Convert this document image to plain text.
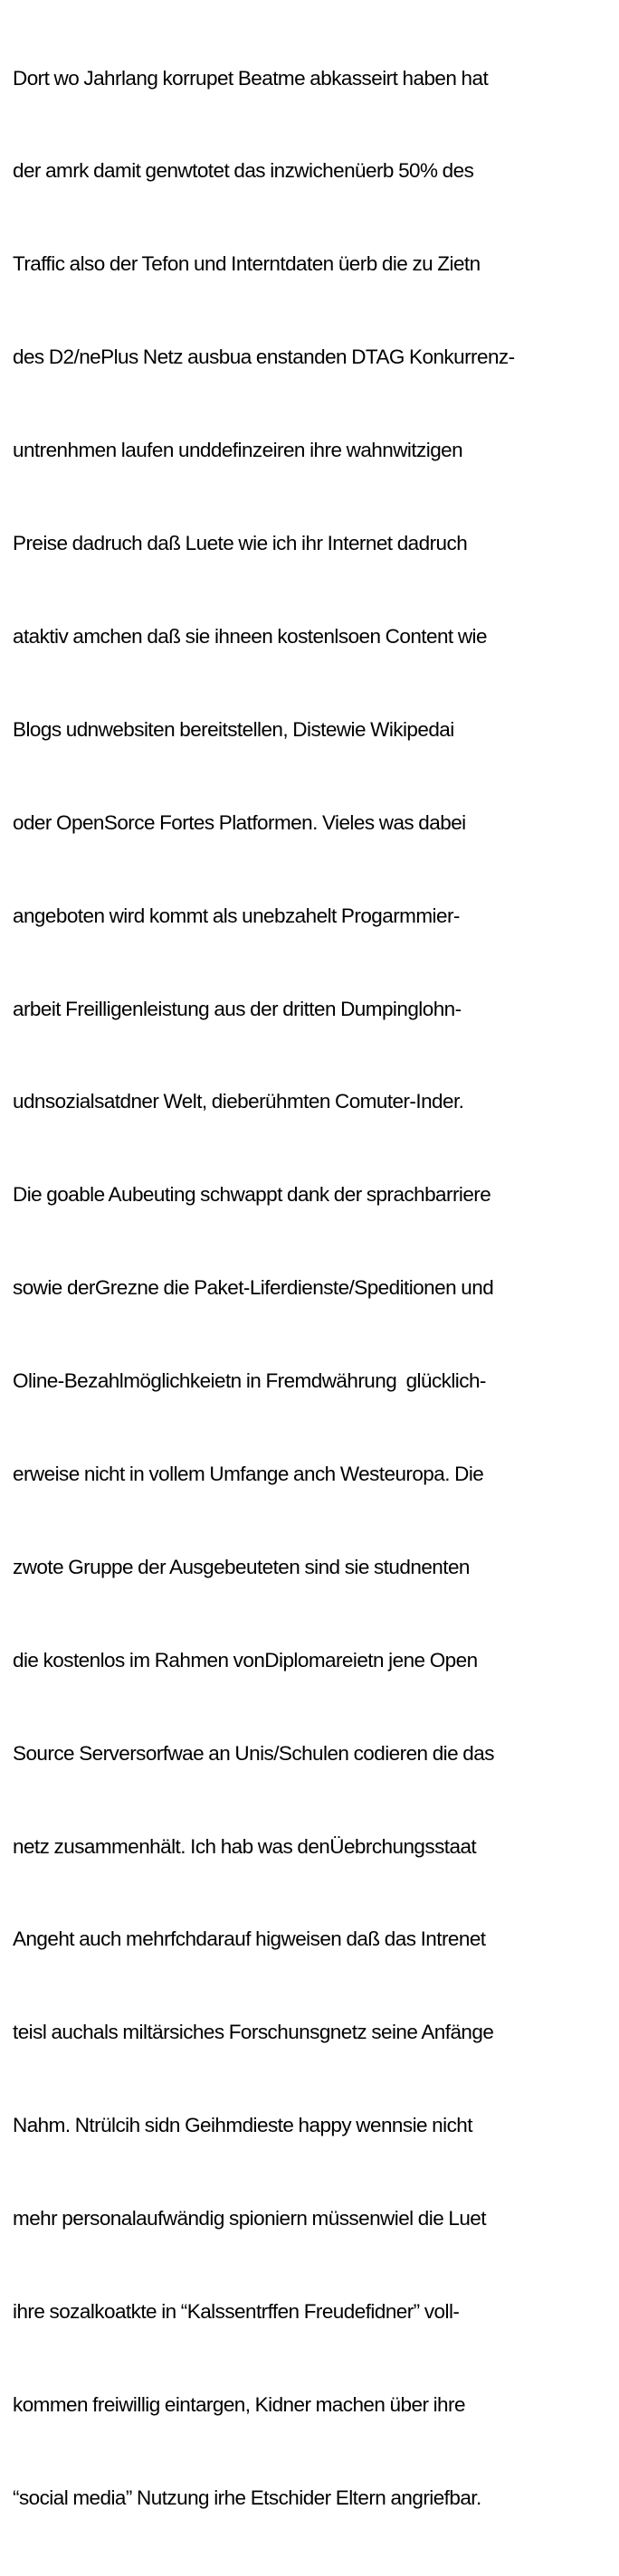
Dort wo Jahrlang korrupet Beatme abkasseirt haben hat

der amrk damit genwtotet das inzwichenüerb 50% des

Traffic also der Tefon und Interntdaten üerb die zu Zietn

des D2/nePlus Netz ausbua enstanden DTAG Konkurrenz-

untrenhmen laufen unddefinzeiren ihre wahnwitzigen

Preise dadruch daß Luete wie ich ihr Internet dadruch

ataktiv amchen daß sie ihneen kostenlsoen Content wie

Blogs udnwebsiten bereitstellen, Distewie Wikipedai

oder OpenSorce Fortes Platformen. Vieles was dabei

angeboten wird kommt als unebzahelt Progarmmier-

arbeit Freilligenleistung aus der dritten Dumpinglohn-

udnsozialsatdner Welt, dieberühmten Comuter-Inder.

Die goable Aubeuting schwappt dank der sprachbarriere

sowie derGrezne die Paket-Liferdienste/Speditionen und

Oline-Bezahlmöglichkeietn in Fremdwährung  glücklich-

erweise nicht in vollem Umfange anch Westeuropa. Die

zwote Gruppe der Ausgebeuteten sind sie studnenten

die kostenlos im Rahmen vonDiplomareietn jene Open

Source Serversorfwae an Unis/Schulen codieren die das

netz zusammenhält. Ich hab was denÜebrchungsstaat

Angeht auch mehrfchdarauf higweisen daß das Intrenet

teisl auchals miltärsiches Forschunsgnetz seine Anfänge

Nahm. Ntrülcih sidn Geihmdieste happy wennsie nicht

mehr personalaufwändig spioniern müssenwiel die Luet

ihre sozalkoatkte in “Kalssentrffen Freudefidner” voll-

kommen freiwillig eintargen, Kidner machen über ihre

“social media” Nutzung irhe Etschider Eltern angriefbar.
